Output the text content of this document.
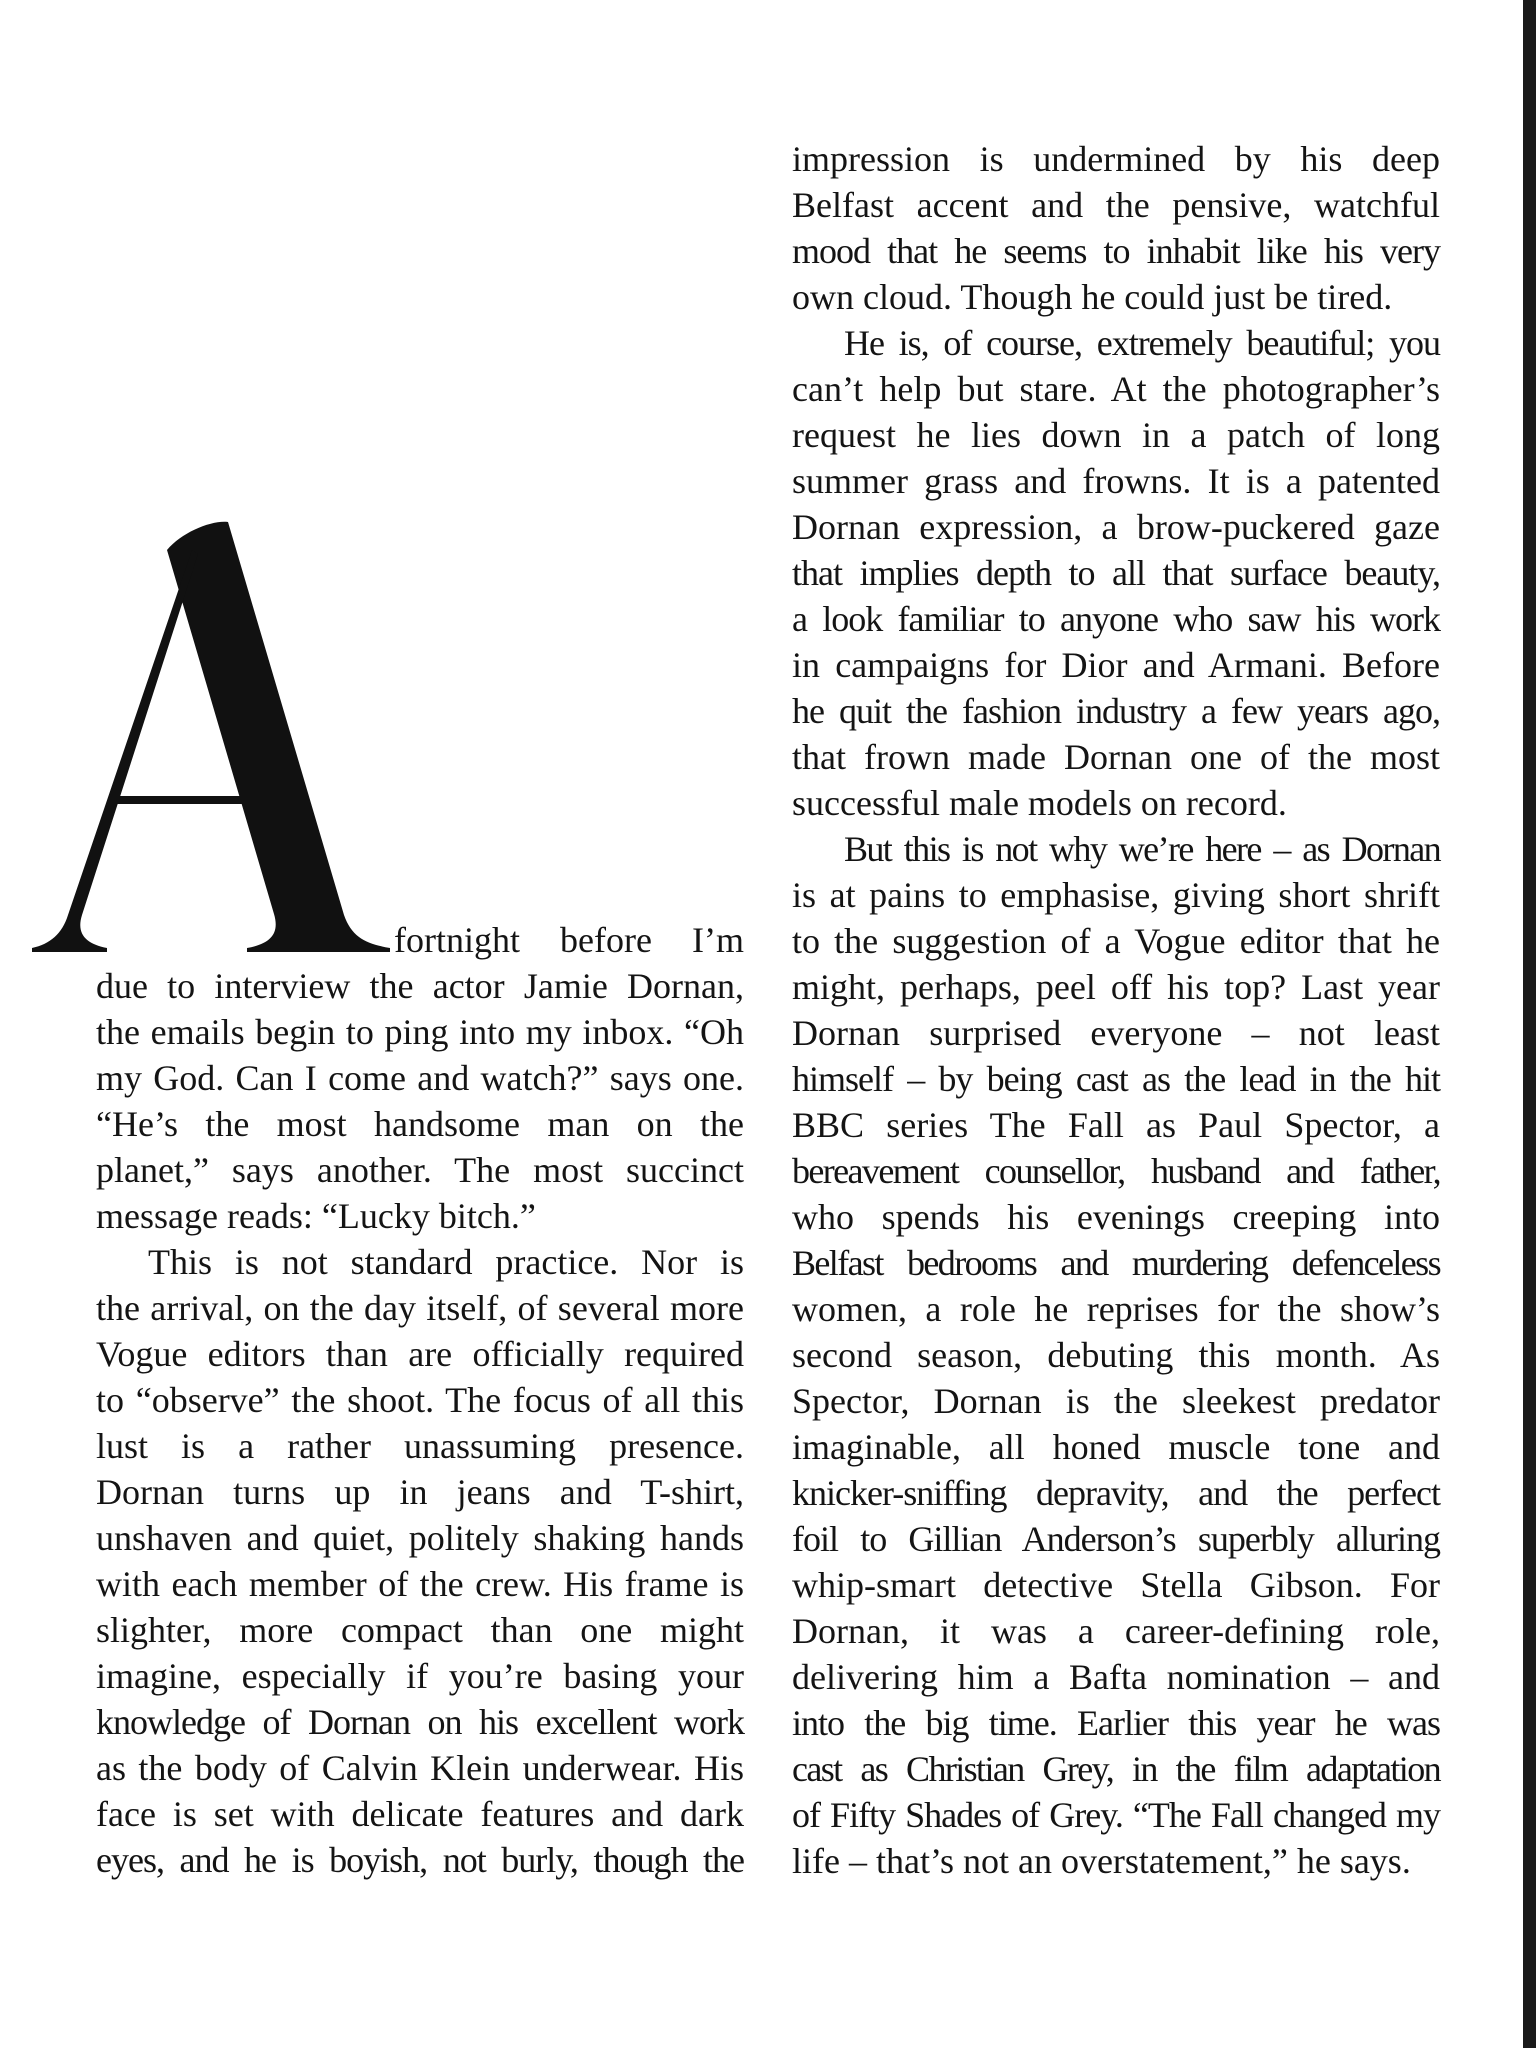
fortnight before I’m

due to interview the actor Jamie Dornan,

the emails begin to ping into my inbox. “Oh

my God. Can I come and watch?” says one.

“He’s the most handsome man on the

planet,” says another. The most succinct

message reads: “Lucky bitch.”

This is not standard practice. Nor is

the arrival, on the day itself, of several more

Vogue editors than are officially required

to “observe” the shoot. The focus of all this

lust is a rather unassuming presence.

Dornan turns up in jeans and T-shirt,

unshaven and quiet, politely shaking hands

with each member of the crew. His frame is

slighter, more compact than one might

imagine, especially if you’re basing your

knowledge of Dornan on his excellent work

as the body of Calvin Klein underwear. His

face is set with delicate features and dark

eyes, and he is boyish, not burly, though the

impression is undermined by his deep

Belfast accent and the pensive, watchful

mood that he seems to inhabit like his very

own cloud. Though he could just be tired.

He is, of course, extremely beautiful; you

can’t help but stare. At the photographer’s

request he lies down in a patch of long

summer grass and frowns. It is a patented

Dornan expression, a brow-puckered gaze

that implies depth to all that surface beauty,

a look familiar to anyone who saw his work

in campaigns for Dior and Armani. Before

he quit the fashion industry a few years ago,

that frown made Dornan one of the most

successful male models on record.

But this is not why we’re here – as Dornan

is at pains to emphasise, giving short shrift

to the suggestion of a Vogue editor that he

might, perhaps, peel off his top? Last year

Dornan surprised everyone – not least

himself – by being cast as the lead in the hit

BBC series The Fall as Paul Spector, a

bereavement counsellor, husband and father,

who spends his evenings creeping into

Belfast bedrooms and murdering defenceless

women, a role he reprises for the show’s

second season, debuting this month. As

Spector, Dornan is the sleekest predator

imaginable, all honed muscle tone and

knicker-sniffing depravity, and the perfect

foil to Gillian Anderson’s superbly alluring

whip-smart detective Stella Gibson. For

Dornan, it was a career-defining role,

delivering him a Bafta nomination – and

into the big time. Earlier this year he was

cast as Christian Grey, in the film adaptation

of Fifty Shades of Grey. “The Fall changed my

life – that’s not an overstatement,” he says.
